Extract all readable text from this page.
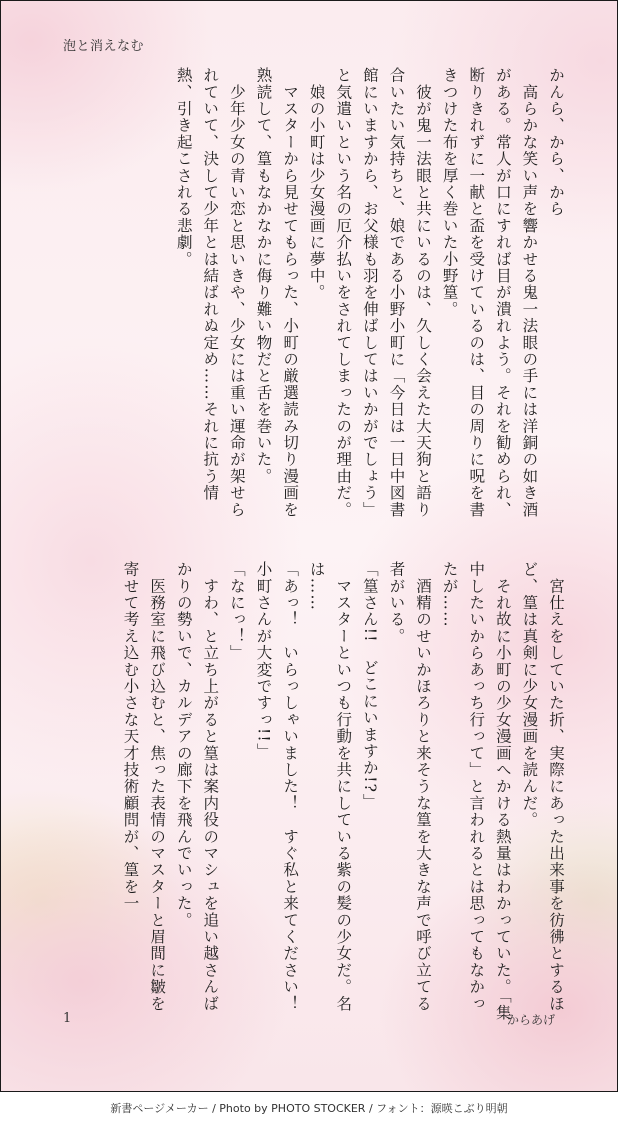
泡と消えなむ

かんら、から、から

　高らかな笑い声を響かせる鬼一法眼の手には洋銅の如き酒がある。常人が口にすれば目が潰れよう。それを勧められ、断りきれずに一献と盃を受けているのは、目の周りに呪を書きつけた布を厚く巻いた小野篁。

　彼が鬼一法眼と共にいるのは、久しく会えた大天狗と語り合いたい気持ちと、娘である小野小町に「今日は一日中図書館にいますから、お父様も羽を伸ばしてはいかがでしょう」と気遣いという名の厄介払いをされてしまったのが理由だ。

　娘の小町は少女漫画に夢中。

　マスターから見せてもらった、小町の厳選読み切り漫画を熟読して、篁もなかなかに侮り難い物だと舌を巻いた。

　少年少女の青い恋と思いきや、少女には重い運命が架せられていて、決して少年とは結ばれぬ定め……それに抗う情熱、引き起こされる悲劇。

　宮仕えをしていた折、実際にあった出来事を彷彿とするほど、篁は真剣に少女漫画を読んだ。

　それ故に小町の少女漫画へかける熱量はわかっていた。「集中したいからあっち行って」と言われるとは思ってもなかったが……

　酒精のせいかほろりと来そうな篁を大きな声で呼び立てる者がいる。

「篁さん!!　どこにいますか!?」

　マスターといつも行動を共にしている紫の髪の少女だ。名は……

「あっ！　いらっしゃいました！　すぐ私と来てください！　小町さんが大変ですっ!!」

「なにっ！」

　すわ、と立ち上がると篁は案内役のマシュを追い越さんばかりの勢いで、カルデアの廊下を飛んでいった。

　医務室に飛び込むと、焦った表情のマスターと眉間に皺を寄せて考え込む小さな天才技術顧問が、篁を一

1	からあげ
新書ページメーカー / Photo by PHOTO STOCKER / フォント：源暎こぶり明朝
